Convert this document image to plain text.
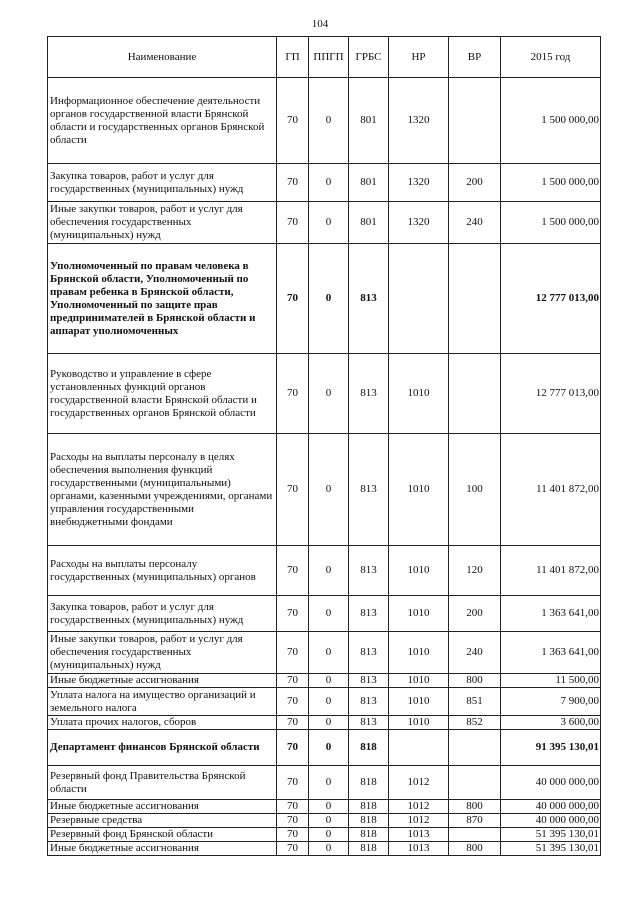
104
Наименование	ГП	ППГП	ГРБС	НР	ВР	2015 год
Информационное обеспечение деятельности органов государственной власти Брянской области и государственных органов Брянской области	70	0	801	1320		1 500 000,00
Закупка товаров, работ и услуг для государственных (муниципальных) нужд	70	0	801	1320	200	1 500 000,00
Иные закупки товаров, работ и услуг для обеспечения государственных (муниципальных) нужд	70	0	801	1320	240	1 500 000,00
Уполномоченный по правам человека в Брянской области, Уполномоченный по правам ребенка в Брянской области, Уполномоченный по защите прав предпринимателей в Брянской области и аппарат уполномоченных	70	0	813			12 777 013,00
Руководство и управление в сфере установленных функций органов государственной власти Брянской области и государственных органов Брянской области	70	0	813	1010		12 777 013,00
Расходы на выплаты персоналу в целях обеспечения выполнения функций государственными (муниципальными) органами, казенными учреждениями, органами управления государственными внебюджетными фондами	70	0	813	1010	100	11 401 872,00
Расходы на выплаты персоналу государственных (муниципальных) органов	70	0	813	1010	120	11 401 872,00
Закупка товаров, работ и услуг для государственных (муниципальных) нужд	70	0	813	1010	200	1 363 641,00
Иные закупки товаров, работ и услуг для обеспечения государственных (муниципальных) нужд	70	0	813	1010	240	1 363 641,00
Иные бюджетные ассигнования	70	0	813	1010	800	11 500,00
Уплата налога на имущество организаций и земельного налога	70	0	813	1010	851	7 900,00
Уплата прочих налогов, сборов	70	0	813	1010	852	3 600,00
Департамент финансов Брянской области	70	0	818			91 395 130,01
Резервный фонд Правительства Брянской области	70	0	818	1012		40 000 000,00
Иные бюджетные ассигнования	70	0	818	1012	800	40 000 000,00
Резервные средства	70	0	818	1012	870	40 000 000,00
Резервный фонд Брянской области	70	0	818	1013		51 395 130,01
Иные бюджетные ассигнования	70	0	818	1013	800	51 395 130,01
